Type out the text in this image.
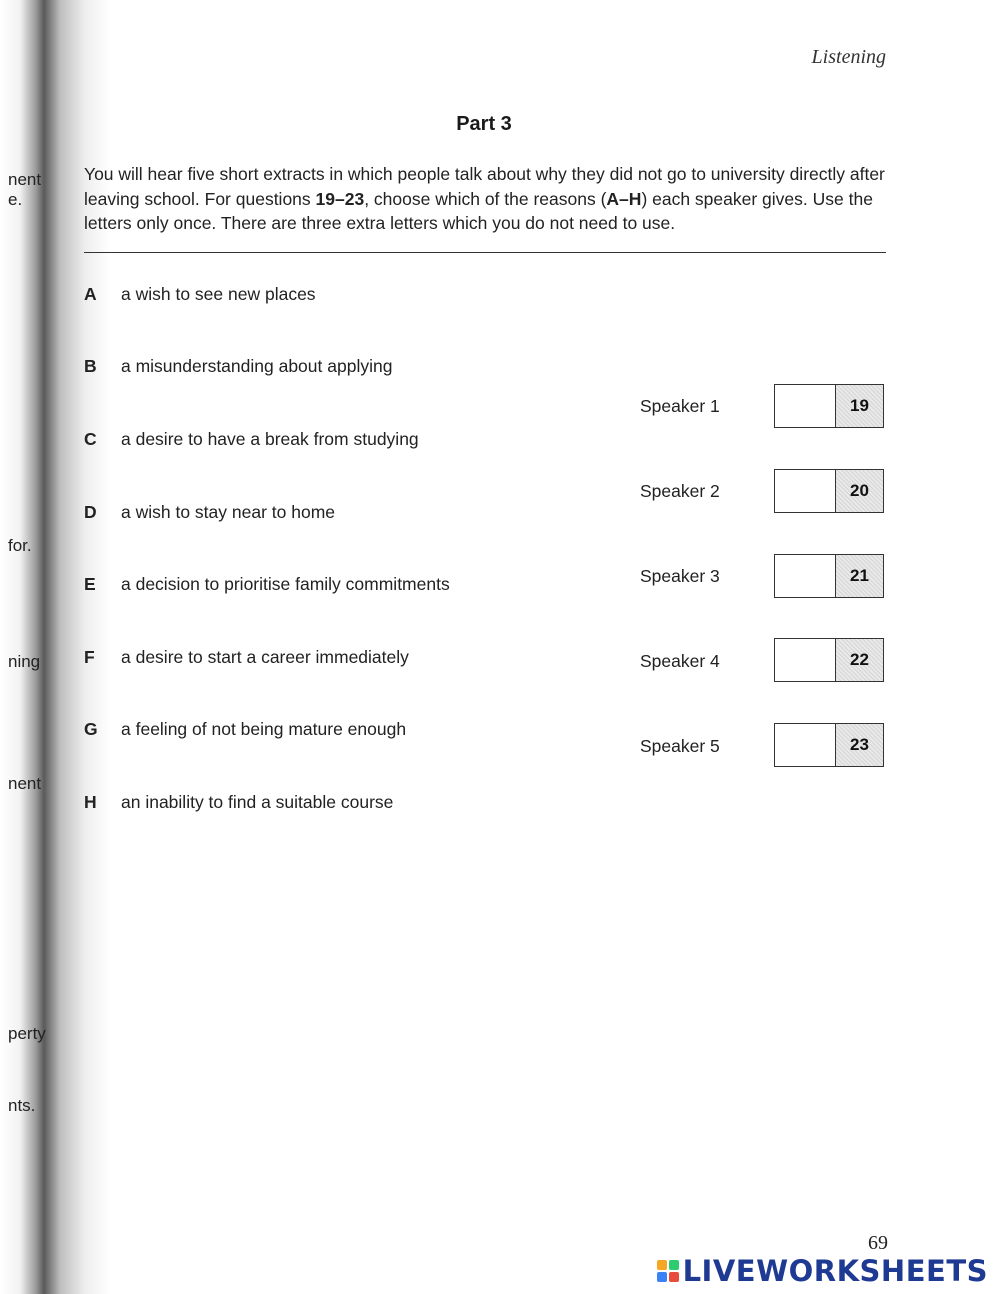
nent
e.
for.
ning
nent
perty
nts.
Listening
Part 3
You will hear five short extracts in which people talk about why they did not go to university directly after leaving school. For questions 19–23, choose which of the reasons (A–H) each speaker gives. Use the letters only once. There are three extra letters which you do not need to use.
A a wish to see new places
B a misunderstanding about applying
C a desire to have a break from studying
D a wish to stay near to home
E a decision to prioritise family commitments
F a desire to start a career immediately
G a feeling of not being mature enough
H an inability to find a suitable course
Speaker 1	19
Speaker 2	20
Speaker 3	21
Speaker 4	22
Speaker 5	23
69
LIVEWORKSHEETS
